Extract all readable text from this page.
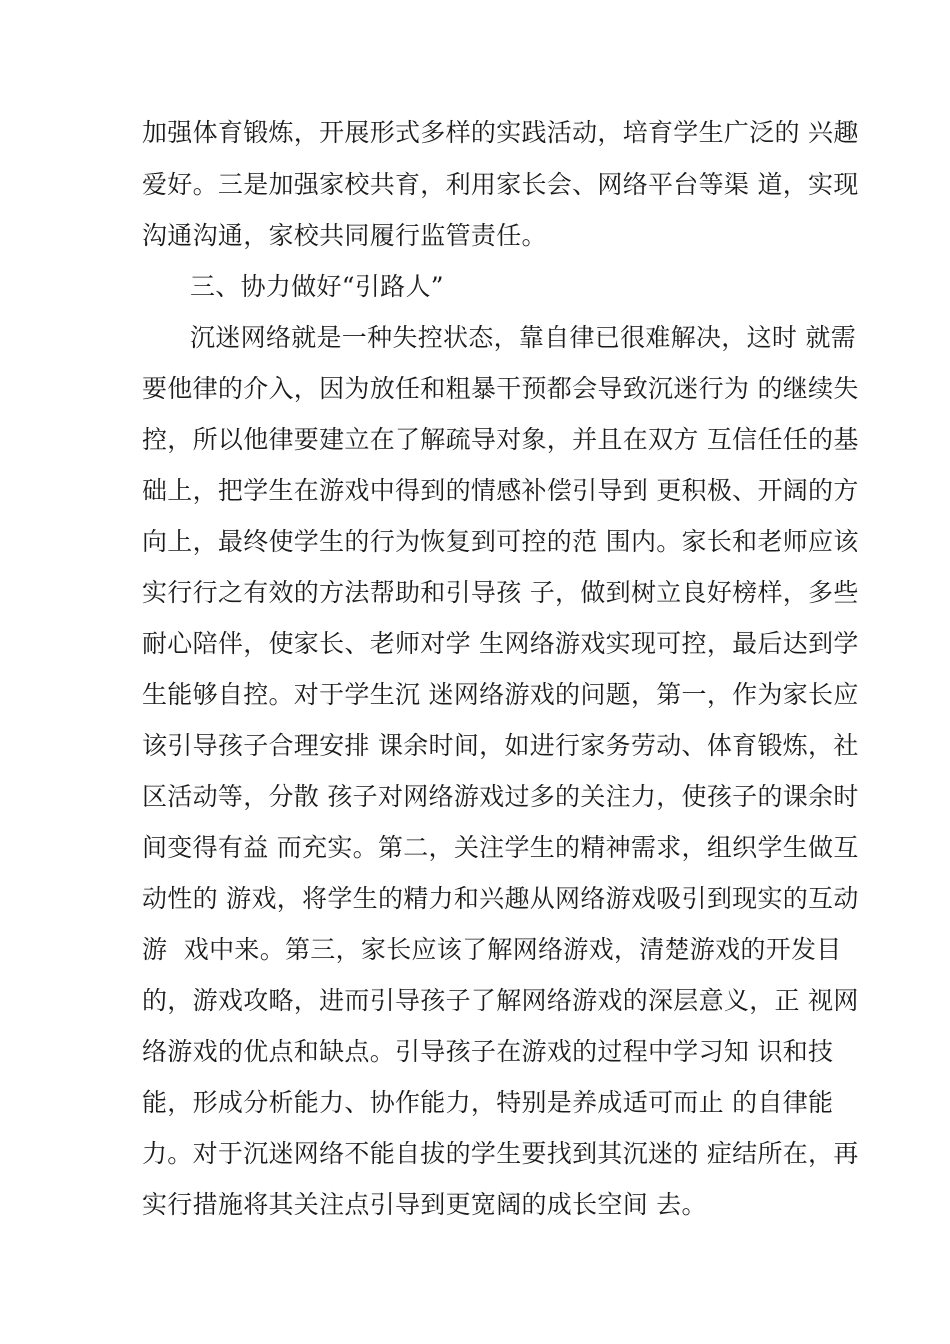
加强体育锻炼，开展形式多样的实践活动，培育学生广泛的 兴趣
爱好。三是加强家校共育，利用家长会、网络平台等渠 道，实现
沟通沟通，家校共同履行监管责任。
三、协力做好“引路人”
沉迷网络就是一种失控状态，靠自律已很难解决，这时 就需
要他律的介入，因为放任和粗暴干预都会导致沉迷行为 的继续失
控，所以他律要建立在了解疏导对象，并且在双方 互信任任的基
础上，把学生在游戏中得到的情感补偿引导到 更积极、开阔的方
向上，最终使学生的行为恢复到可控的范 围内。家长和老师应该
实行行之有效的方法帮助和引导孩 子，做到树立良好榜样，多些
耐心陪伴，使家长、老师对学 生网络游戏实现可控，最后达到学
生能够自控。对于学生沉 迷网络游戏的问题，第一，作为家长应
该引导孩子合理安排 课余时间，如进行家务劳动、体育锻炼，社
区活动等，分散 孩子对网络游戏过多的关注力，使孩子的课余时
间变得有益 而充实。第二，关注学生的精神需求，组织学生做互
动性的 游戏，将学生的精力和兴趣从网络游戏吸引到现实的互动
游  戏中来。第三，家长应该了解网络游戏，清楚游戏的开发目
的，游戏攻略，进而引导孩子了解网络游戏的深层意义，正 视网
络游戏的优点和缺点。引导孩子在游戏的过程中学习知 识和技
能，形成分析能力、协作能力，特别是养成适可而止 的自律能
力。对于沉迷网络不能自拔的学生要找到其沉迷的 症结所在，再
实行措施将其关注点引导到更宽阔的成长空间 去。
